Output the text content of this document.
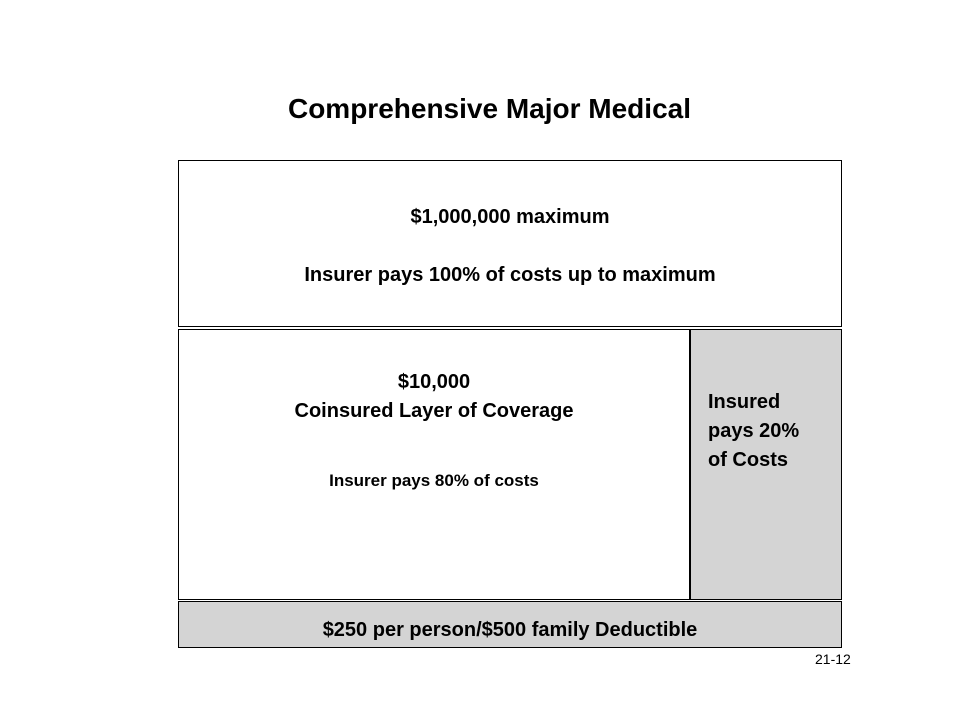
Comprehensive Major Medical
$1,000,000 maximum
Insurer pays 100% of costs up to maximum
$10,000
Coinsured Layer of Coverage
Insurer pays 80% of costs
Insured
pays 20%
of Costs
$250 per person/$500 family Deductible
21-12
